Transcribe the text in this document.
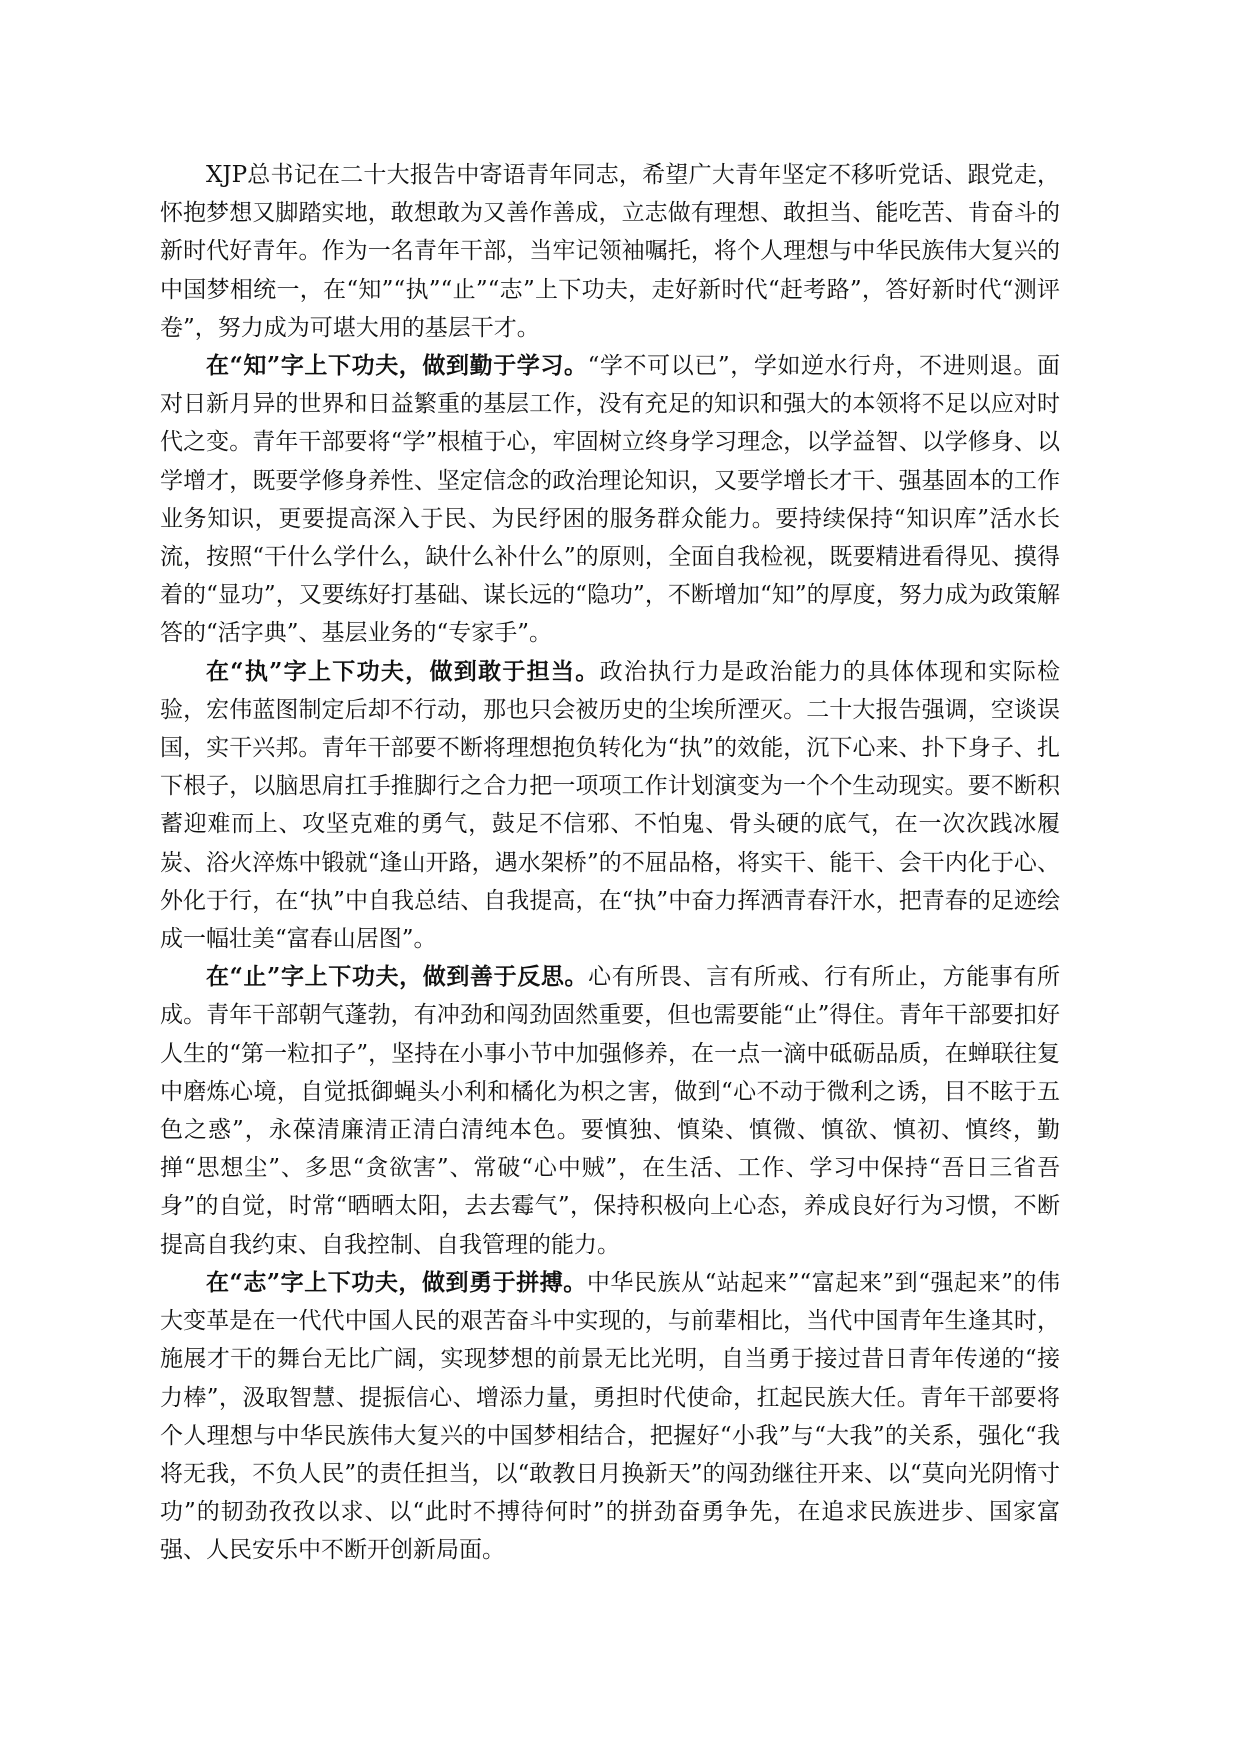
XJP总书记在二十大报告中寄语青年同志，希望广大青年坚定不移听党话、跟党走，怀抱梦想又脚踏实地，敢想敢为又善作善成，立志做有理想、敢担当、能吃苦、肯奋斗的新时代好青年。作为一名青年干部，当牢记领袖嘱托，将个人理想与中华民族伟大复兴的中国梦相统一，在“知”“执”“止”“志”上下功夫，走好新时代“赶考路”，答好新时代“测评卷”，努力成为可堪大用的基层干才。

在“知”字上下功夫，做到勤于学习。“学不可以已”，学如逆水行舟，不进则退。面对日新月异的世界和日益繁重的基层工作，没有充足的知识和强大的本领将不足以应对时代之变。青年干部要将“学”根植于心，牢固树立终身学习理念，以学益智、以学修身、以学增才，既要学修身养性、坚定信念的政治理论知识，又要学增长才干、强基固本的工作业务知识，更要提高深入于民、为民纾困的服务群众能力。要持续保持“知识库”活水长流，按照“干什么学什么，缺什么补什么”的原则，全面自我检视，既要精进看得见、摸得着的“显功”，又要练好打基础、谋长远的“隐功”，不断增加“知”的厚度，努力成为政策解答的“活字典”、基层业务的“专家手”。

在“执”字上下功夫，做到敢于担当。政治执行力是政治能力的具体体现和实际检验，宏伟蓝图制定后却不行动，那也只会被历史的尘埃所湮灭。二十大报告强调，空谈误国，实干兴邦。青年干部要不断将理想抱负转化为“执”的效能，沉下心来、扑下身子、扎下根子，以脑思肩扛手推脚行之合力把一项项工作计划演变为一个个生动现实。要不断积蓄迎难而上、攻坚克难的勇气，鼓足不信邪、不怕鬼、骨头硬的底气，在一次次践冰履炭、浴火淬炼中锻就“逢山开路，遇水架桥”的不屈品格，将实干、能干、会干内化于心、外化于行，在“执”中自我总结、自我提高，在“执”中奋力挥洒青春汗水，把青春的足迹绘成一幅壮美“富春山居图”。

在“止”字上下功夫，做到善于反思。心有所畏、言有所戒、行有所止，方能事有所成。青年干部朝气蓬勃，有冲劲和闯劲固然重要，但也需要能“止”得住。青年干部要扣好人生的“第一粒扣子”，坚持在小事小节中加强修养，在一点一滴中砥砺品质，在蝉联往复中磨炼心境，自觉抵御蝇头小利和橘化为枳之害，做到“心不动于微利之诱，目不眩于五色之惑”，永葆清廉清正清白清纯本色。要慎独、慎染、慎微、慎欲、慎初、慎终，勤掸“思想尘”、多思“贪欲害”、常破“心中贼”，在生活、工作、学习中保持“吾日三省吾身”的自觉，时常“晒晒太阳，去去霉气”，保持积极向上心态，养成良好行为习惯，不断提高自我约束、自我控制、自我管理的能力。

在“志”字上下功夫，做到勇于拼搏。中华民族从“站起来”“富起来”到“强起来”的伟大变革是在一代代中国人民的艰苦奋斗中实现的，与前辈相比，当代中国青年生逢其时，施展才干的舞台无比广阔，实现梦想的前景无比光明，自当勇于接过昔日青年传递的“接力棒”，汲取智慧、提振信心、增添力量，勇担时代使命，扛起民族大任。青年干部要将个人理想与中华民族伟大复兴的中国梦相结合，把握好“小我”与“大我”的关系，强化“我将无我，不负人民”的责任担当，以“敢教日月换新天”的闯劲继往开来、以“莫向光阴惰寸功”的韧劲孜孜以求、以“此时不搏待何时”的拼劲奋勇争先，在追求民族进步、国家富强、人民安乐中不断开创新局面。
